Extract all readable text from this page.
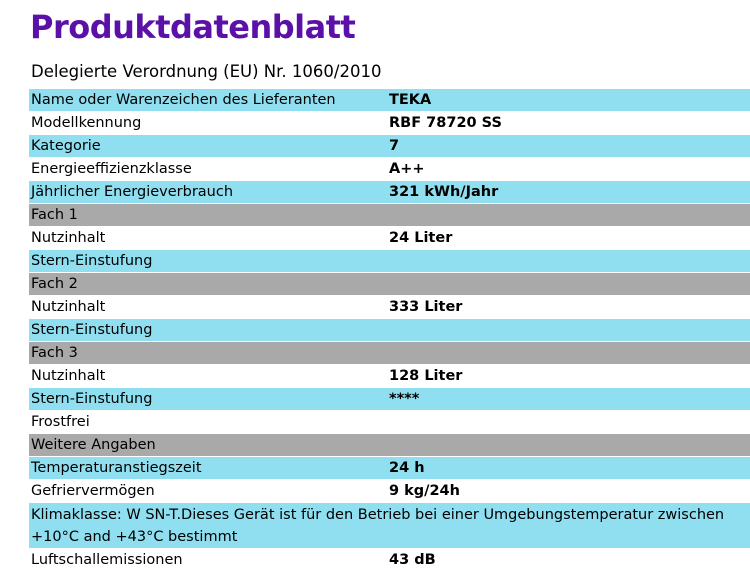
Produktdatenblatt
Delegierte Verordnung (EU) Nr. 1060/2010
Name oder Warenzeichen des Lieferanten	TEKA
Modellkennung	RBF 78720 SS
Kategorie	7
Energieeffizienzklasse	A++
Jährlicher Energieverbrauch	321 kWh/Jahr
Fach 1	
Nutzinhalt	24 Liter
Stern-Einstufung	
Fach 2	
Nutzinhalt	333 Liter
Stern-Einstufung	
Fach 3	
Nutzinhalt	128 Liter
Stern-Einstufung	****
Frostfrei	
Weitere Angaben	
Temperaturanstiegszeit	24 h
Gefriervermögen	9 kg/24h
Klimaklasse: W SN-T.Dieses Gerät ist für den Betrieb bei einer Umgebungstemperatur zwischen +10°C and +43°C bestimmt	
Luftschallemissionen	43 dB
